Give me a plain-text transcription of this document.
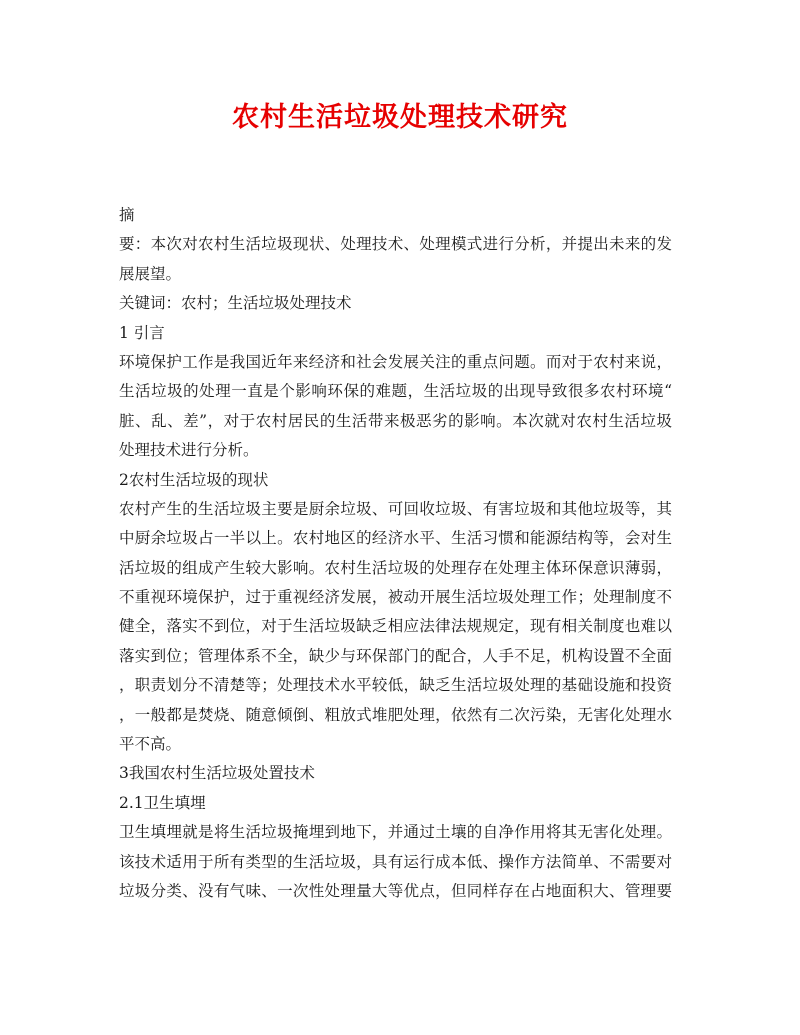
农村生活垃圾处理技术研究
摘
要：本次对农村生活垃圾现状、处理技术、处理模式进行分析，并提出未来的发
展展望。
关键词：农村；生活垃圾处理技术
1 引言
环境保护工作是我国近年来经济和社会发展关注的重点问题。而对于农村来说，
生活垃圾的处理一直是个影响环保的难题，生活垃圾的出现导致很多农村环境“
脏、乱、差”，对于农村居民的生活带来极恶劣的影响。本次就对农村生活垃圾
处理技术进行分析。
2农村生活垃圾的现状
农村产生的生活垃圾主要是厨余垃圾、可回收垃圾、有害垃圾和其他垃圾等，其
中厨余垃圾占一半以上。农村地区的经济水平、生活习惯和能源结构等，会对生
活垃圾的组成产生较大影响。农村生活垃圾的处理存在处理主体环保意识薄弱，
不重视环境保护，过于重视经济发展，被动开展生活垃圾处理工作；处理制度不
健全，落实不到位，对于生活垃圾缺乏相应法律法规规定，现有相关制度也难以
落实到位；管理体系不全，缺少与环保部门的配合，人手不足，机构设置不全面
，职责划分不清楚等；处理技术水平较低，缺乏生活垃圾处理的基础设施和投资
，一般都是焚烧、随意倾倒、粗放式堆肥处理，依然有二次污染，无害化处理水
平不高。
3我国农村生活垃圾处置技术
2.1卫生填埋
卫生填埋就是将生活垃圾掩埋到地下，并通过土壤的自净作用将其无害化处理。
该技术适用于所有类型的生活垃圾，具有运行成本低、操作方法简单、不需要对
垃圾分类、没有气味、一次性处理量大等优点，但同样存在占地面积大、管理要
